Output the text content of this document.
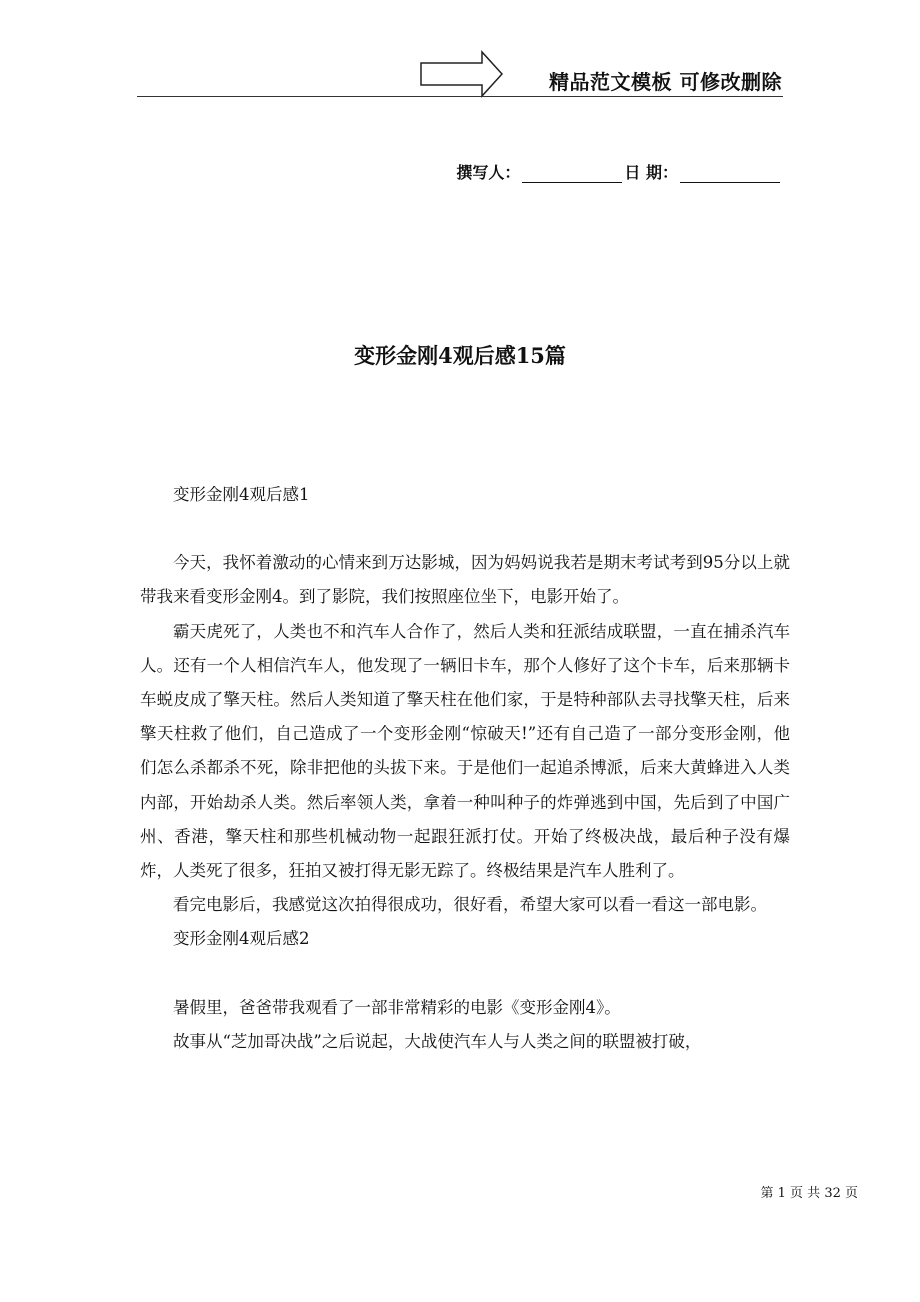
精品范文模板 可修改删除
撰写人：	日 期：
变形金刚4观后感15篇

变形金刚4观后感1

今天，我怀着激动的心情来到万达影城，因为妈妈说我若是期末考试考到95分以上就带我来看变形金刚4。到了影院，我们按照座位坐下，电影开始了。

霸天虎死了，人类也不和汽车人合作了，然后人类和狂派结成联盟，一直在捕杀汽车人。还有一个人相信汽车人，他发现了一辆旧卡车，那个人修好了这个卡车，后来那辆卡车蜕皮成了擎天柱。然后人类知道了擎天柱在他们家，于是特种部队去寻找擎天柱，后来擎天柱救了他们，自己造成了一个变形金刚“惊破天!”还有自己造了一部分变形金刚，他们怎么杀都杀不死，除非把他的头拔下来。于是他们一起追杀博派，后来大黄蜂进入人类内部，开始劫杀人类。然后率领人类，拿着一种叫种子的炸弹逃到中国，先后到了中国广州、香港，擎天柱和那些机械动物一起跟狂派打仗。开始了终极决战，最后种子没有爆炸，人类死了很多，狂拍又被打得无影无踪了。终极结果是汽车人胜利了。

看完电影后，我感觉这次拍得很成功，很好看，希望大家可以看一看这一部电影。

变形金刚4观后感2

暑假里，爸爸带我观看了一部非常精彩的电影《变形金刚4》。

故事从“芝加哥决战”之后说起，大战使汽车人与人类之间的联盟被打破，

第 1 页 共 32 页
